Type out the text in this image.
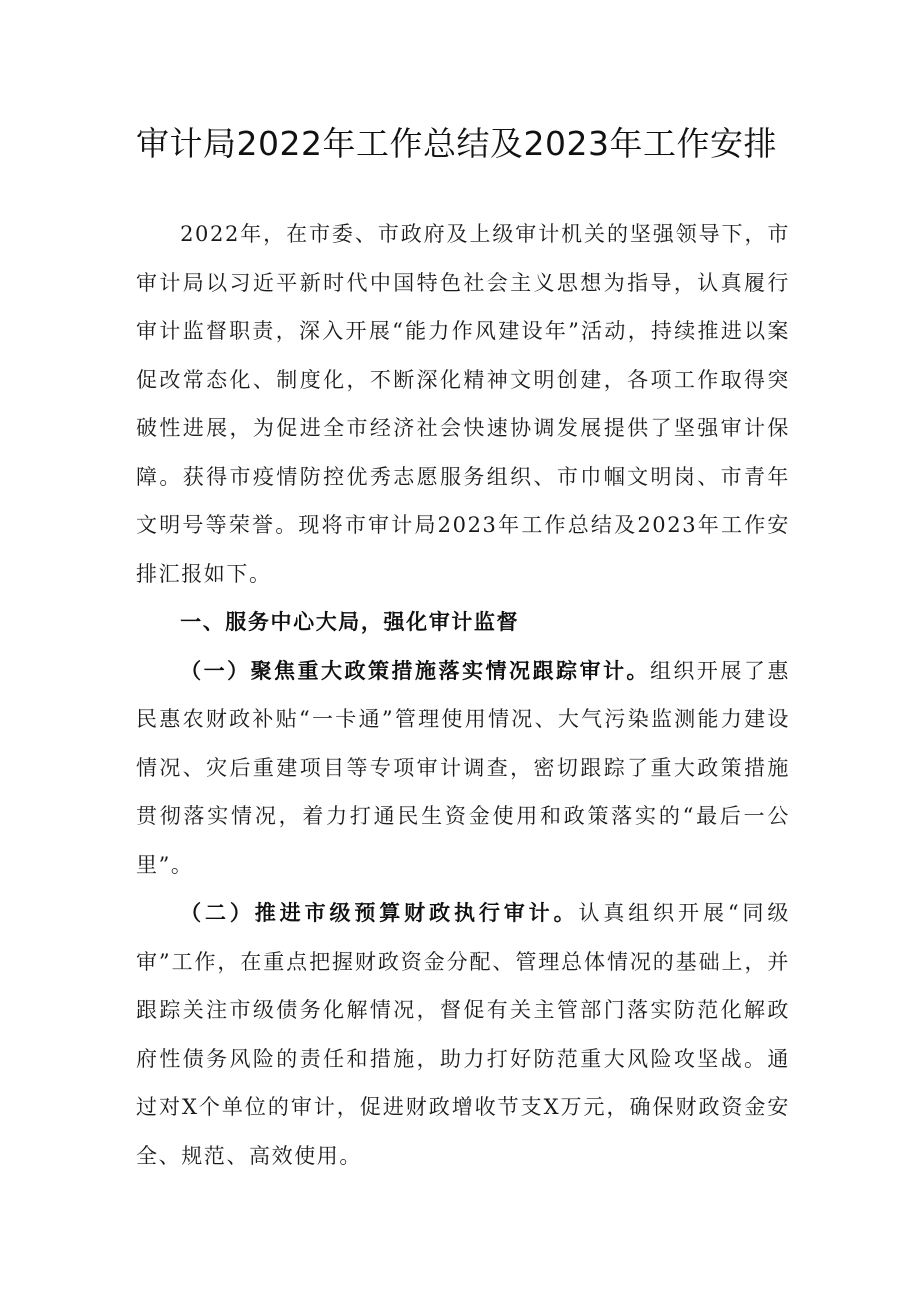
审计局2022年工作总结及2023年工作安排

2022年，在市委、市政府及上级审计机关的坚强领导下，市审计局以习近平新时代中国特色社会主义思想为指导，认真履行审计监督职责，深入开展“能力作风建设年”活动，持续推进以案促改常态化、制度化，不断深化精神文明创建，各项工作取得突破性进展，为促进全市经济社会快速协调发展提供了坚强审计保障。获得市疫情防控优秀志愿服务组织、市巾帼文明岗、市青年文明号等荣誉。现将市审计局2023年工作总结及2023年工作安排汇报如下。

一、服务中心大局，强化审计监督

（一）聚焦重大政策措施落实情况跟踪审计。组织开展了惠民惠农财政补贴“一卡通”管理使用情况、大气污染监测能力建设情况、灾后重建项目等专项审计调查，密切跟踪了重大政策措施贯彻落实情况，着力打通民生资金使用和政策落实的“最后一公里”。

（二）推进市级预算财政执行审计。认真组织开展“同级审”工作，在重点把握财政资金分配、管理总体情况的基础上，并跟踪关注市级债务化解情况，督促有关主管部门落实防范化解政府性债务风险的责任和措施，助力打好防范重大风险攻坚战。通过对X个单位的审计，促进财政增收节支X万元，确保财政资金安全、规范、高效使用。
